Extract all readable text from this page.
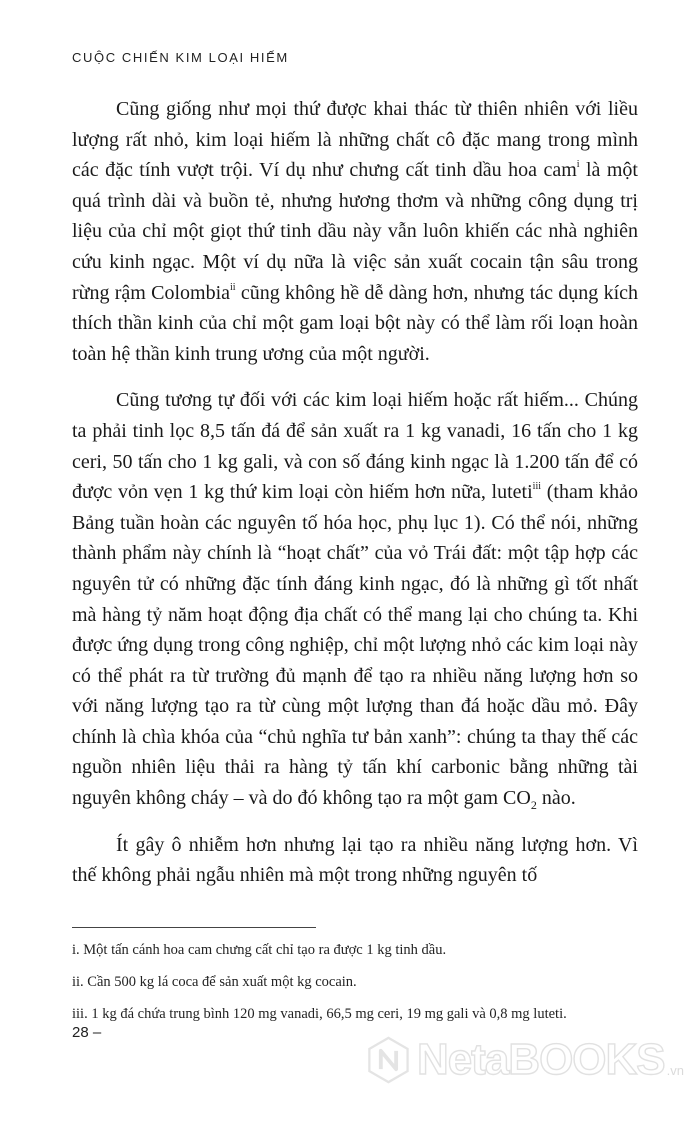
CUỘC CHIẾN KIM LOẠI HIẾM

Cũng giống như mọi thứ được khai thác từ thiên nhiên với liều lượng rất nhỏ, kim loại hiếm là những chất cô đặc mang trong mình các đặc tính vượt trội. Ví dụ như chưng cất tinh dầu hoa cam$^i$ là một quá trình dài và buồn tẻ, nhưng hương thơm và những công dụng trị liệu của chỉ một giọt thứ tinh dầu này vẫn luôn khiến các nhà nghiên cứu kinh ngạc. Một ví dụ nữa là việc sản xuất cocain tận sâu trong rừng rậm Colombia$^{ii}$ cũng không hề dễ dàng hơn, nhưng tác dụng kích thích thần kinh của chỉ một gam loại bột này có thể làm rối loạn hoàn toàn hệ thần kinh trung ương của một người.

Cũng tương tự đối với các kim loại hiếm hoặc rất hiếm... Chúng ta phải tinh lọc 8,5 tấn đá để sản xuất ra 1 kg vanadi, 16 tấn cho 1 kg ceri, 50 tấn cho 1 kg gali, và con số đáng kinh ngạc là 1.200 tấn để có được vỏn vẹn 1 kg thứ kim loại còn hiếm hơn nữa, luteti$^{iii}$ (tham khảo Bảng tuần hoàn các nguyên tố hóa học, phụ lục 1). Có thể nói, những thành phẩm này chính là “hoạt chất” của vỏ Trái đất: một tập hợp các nguyên tử có những đặc tính đáng kinh ngạc, đó là những gì tốt nhất mà hàng tỷ năm hoạt động địa chất có thể mang lại cho chúng ta. Khi được ứng dụng trong công nghiệp, chỉ một lượng nhỏ các kim loại này có thể phát ra từ trường đủ mạnh để tạo ra nhiều năng lượng hơn so với năng lượng tạo ra từ cùng một lượng than đá hoặc dầu mỏ. Đây chính là chìa khóa của “chủ nghĩa tư bản xanh”: chúng ta thay thế các nguồn nhiên liệu thải ra hàng tỷ tấn khí carbonic bằng những tài nguyên không cháy – và do đó không tạo ra một gam $CO_2$ nào.

Ít gây ô nhiễm hơn nhưng lại tạo ra nhiều năng lượng hơn. Vì thế không phải ngẫu nhiên mà một trong những nguyên tố

i. Một tấn cánh hoa cam chưng cất chỉ tạo ra được 1 kg tinh dầu.

ii. Cần 500 kg lá coca để sản xuất một kg cocain.

iii. 1 kg đá chứa trung bình 120 mg vanadi, 66,5 mg ceri, 19 mg gali và 0,8 mg luteti.

28 –
NetaBOOKS .vn
